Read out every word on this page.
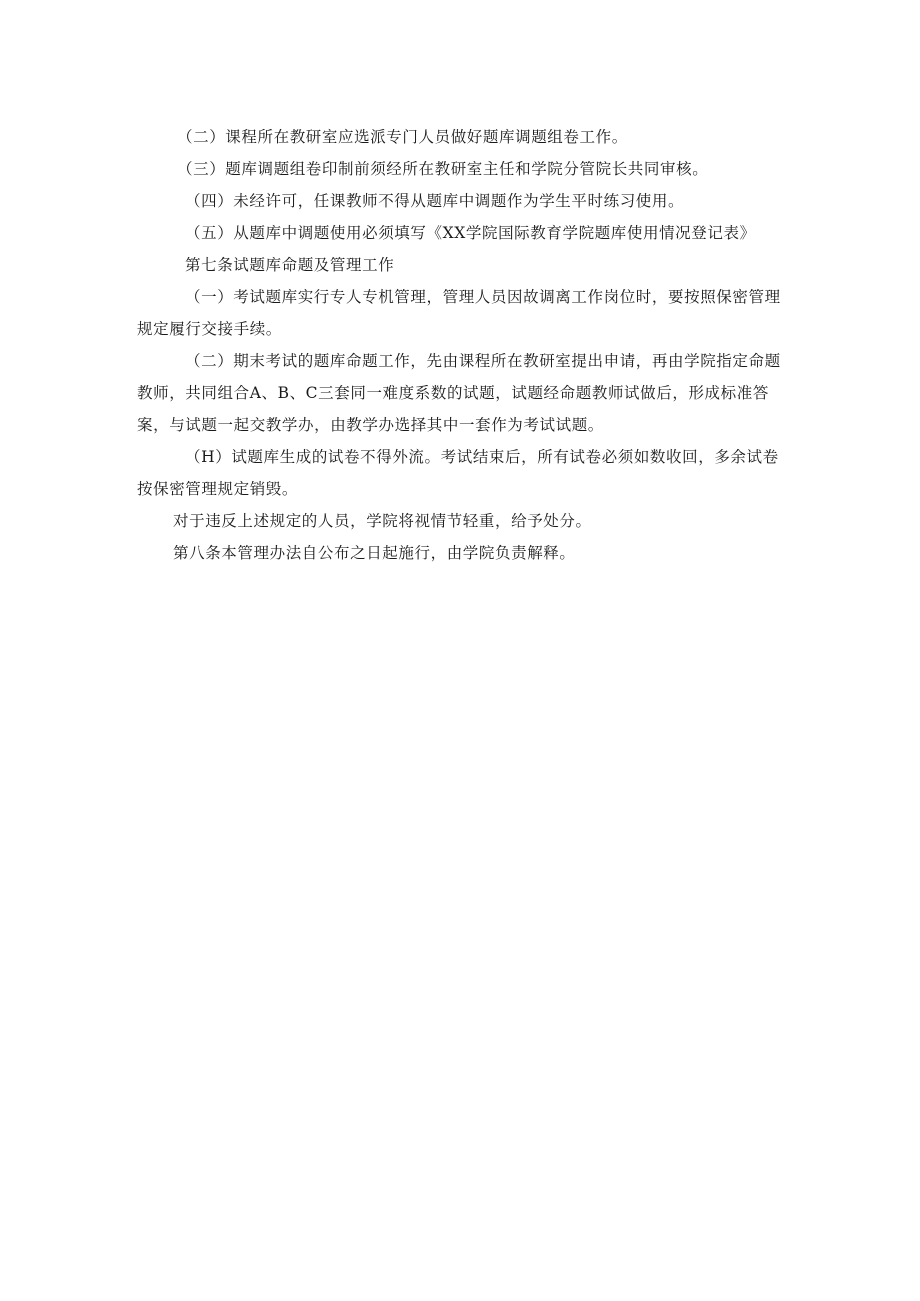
（二）课程所在教研室应选派专门人员做好题库调题组卷工作。

（三）题库调题组卷印制前须经所在教研室主任和学院分管院长共同审核。

（四）未经许可，任课教师不得从题库中调题作为学生平时练习使用。

（五）从题库中调题使用必须填写《XX学院国际教育学院题库使用情况登记表》

第七条试题库命题及管理工作

（一）考试题库实行专人专机管理，管理人员因故调离工作岗位时，要按照保密管理规定履行交接手续。

（二）期末考试的题库命题工作，先由课程所在教研室提出申请，再由学院指定命题教师，共同组合A、B、C三套同一难度系数的试题，试题经命题教师试做后，形成标准答案，与试题一起交教学办，由教学办选择其中一套作为考试试题。

（H）试题库生成的试卷不得外流。考试结束后，所有试卷必须如数收回，多余试卷按保密管理规定销毁。

对于违反上述规定的人员，学院将视情节轻重，给予处分。

第八条本管理办法自公布之日起施行，由学院负责解释。
